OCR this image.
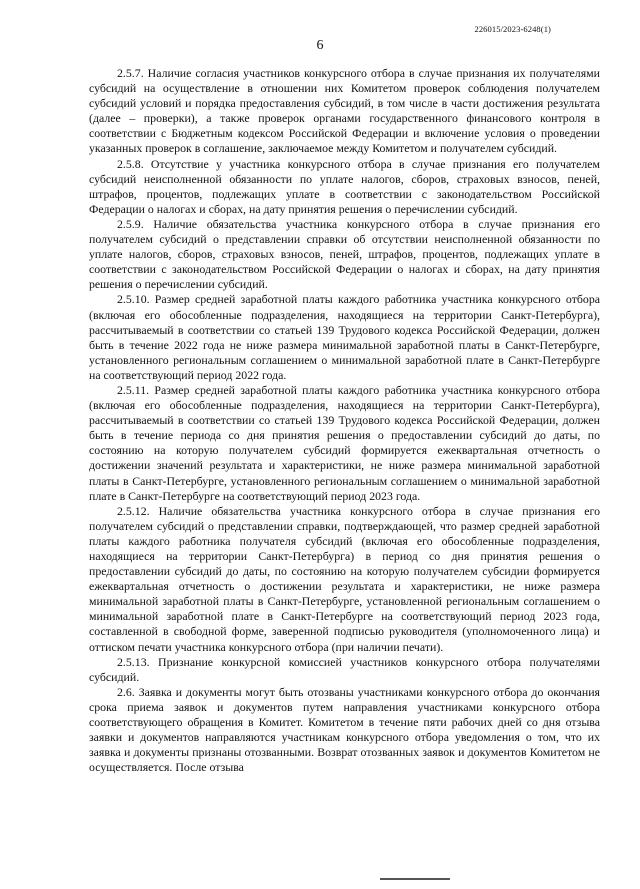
226015/2023-6248(1)
6

2.5.7. Наличие согласия участников конкурсного отбора в случае признания их получателями субсидий на осуществление в отношении них Комитетом проверок соблюдения получателем субсидий условий и порядка предоставления субсидий, в том числе в части достижения результата (далее – проверки), а также проверок органами государственного финансового контроля в соответствии с Бюджетным кодексом Российской Федерации и включение условия о проведении указанных проверок в соглашение, заключаемое между Комитетом и получателем субсидий.

2.5.8. Отсутствие у участника конкурсного отбора в случае признания его получателем субсидий неисполненной обязанности по уплате налогов, сборов, страховых взносов, пеней, штрафов, процентов, подлежащих уплате в соответствии с законодательством Российской Федерации о налогах и сборах, на дату принятия решения о перечислении субсидий.

2.5.9. Наличие обязательства участника конкурсного отбора в случае признания его получателем субсидий о представлении справки об отсутствии неисполненной обязанности по уплате налогов, сборов, страховых взносов, пеней, штрафов, процентов, подлежащих уплате в соответствии с законодательством Российской Федерации о налогах и сборах, на дату принятия решения о перечислении субсидий.

2.5.10. Размер средней заработной платы каждого работника участника конкурсного отбора (включая его обособленные подразделения, находящиеся на территории Санкт-Петербурга), рассчитываемый в соответствии со статьей 139 Трудового кодекса Российской Федерации, должен быть в течение 2022 года не ниже размера минимальной заработной платы в Санкт-Петербурге, установленного региональным соглашением о минимальной заработной плате в Санкт-Петербурге на соответствующий период 2022 года.

2.5.11. Размер средней заработной платы каждого работника участника конкурсного отбора (включая его обособленные подразделения, находящиеся на территории Санкт-Петербурга), рассчитываемый в соответствии со статьей 139 Трудового кодекса Российской Федерации, должен быть в течение периода со дня принятия решения о предоставлении субсидий до даты, по состоянию на которую получателем субсидий формируется ежеквартальная отчетность о достижении значений результата и характеристики, не ниже размера минимальной заработной платы в Санкт-Петербурге, установленного региональным соглашением о минимальной заработной плате в Санкт-Петербурге на соответствующий период 2023 года.

2.5.12. Наличие обязательства участника конкурсного отбора в случае признания его получателем субсидий о представлении справки, подтверждающей, что размер средней заработной платы каждого работника получателя субсидий (включая его обособленные подразделения, находящиеся на территории Санкт-Петербурга) в период со дня принятия решения о предоставлении субсидий до даты, по состоянию на которую получателем субсидии формируется ежеквартальная отчетность о достижении результата и характеристики, не ниже размера минимальной заработной платы в Санкт-Петербурге, установленной региональным соглашением о минимальной заработной плате в Санкт-Петербурге на соответствующий период 2023 года, составленной в свободной форме, заверенной подписью руководителя (уполномоченного лица) и оттиском печати участника конкурсного отбора (при наличии печати).

2.5.13. Признание конкурсной комиссией участников конкурсного отбора получателями субсидий.

2.6. Заявка и документы могут быть отозваны участниками конкурсного отбора до окончания срока приема заявок и документов путем направления участниками конкурсного отбора соответствующего обращения в Комитет. Комитетом в течение пяти рабочих дней со дня отзыва заявки и документов направляются участникам конкурсного отбора уведомления о том, что их заявка и документы признаны отозванными. Возврат отозванных заявок и документов Комитетом не осуществляется. После отзыва
